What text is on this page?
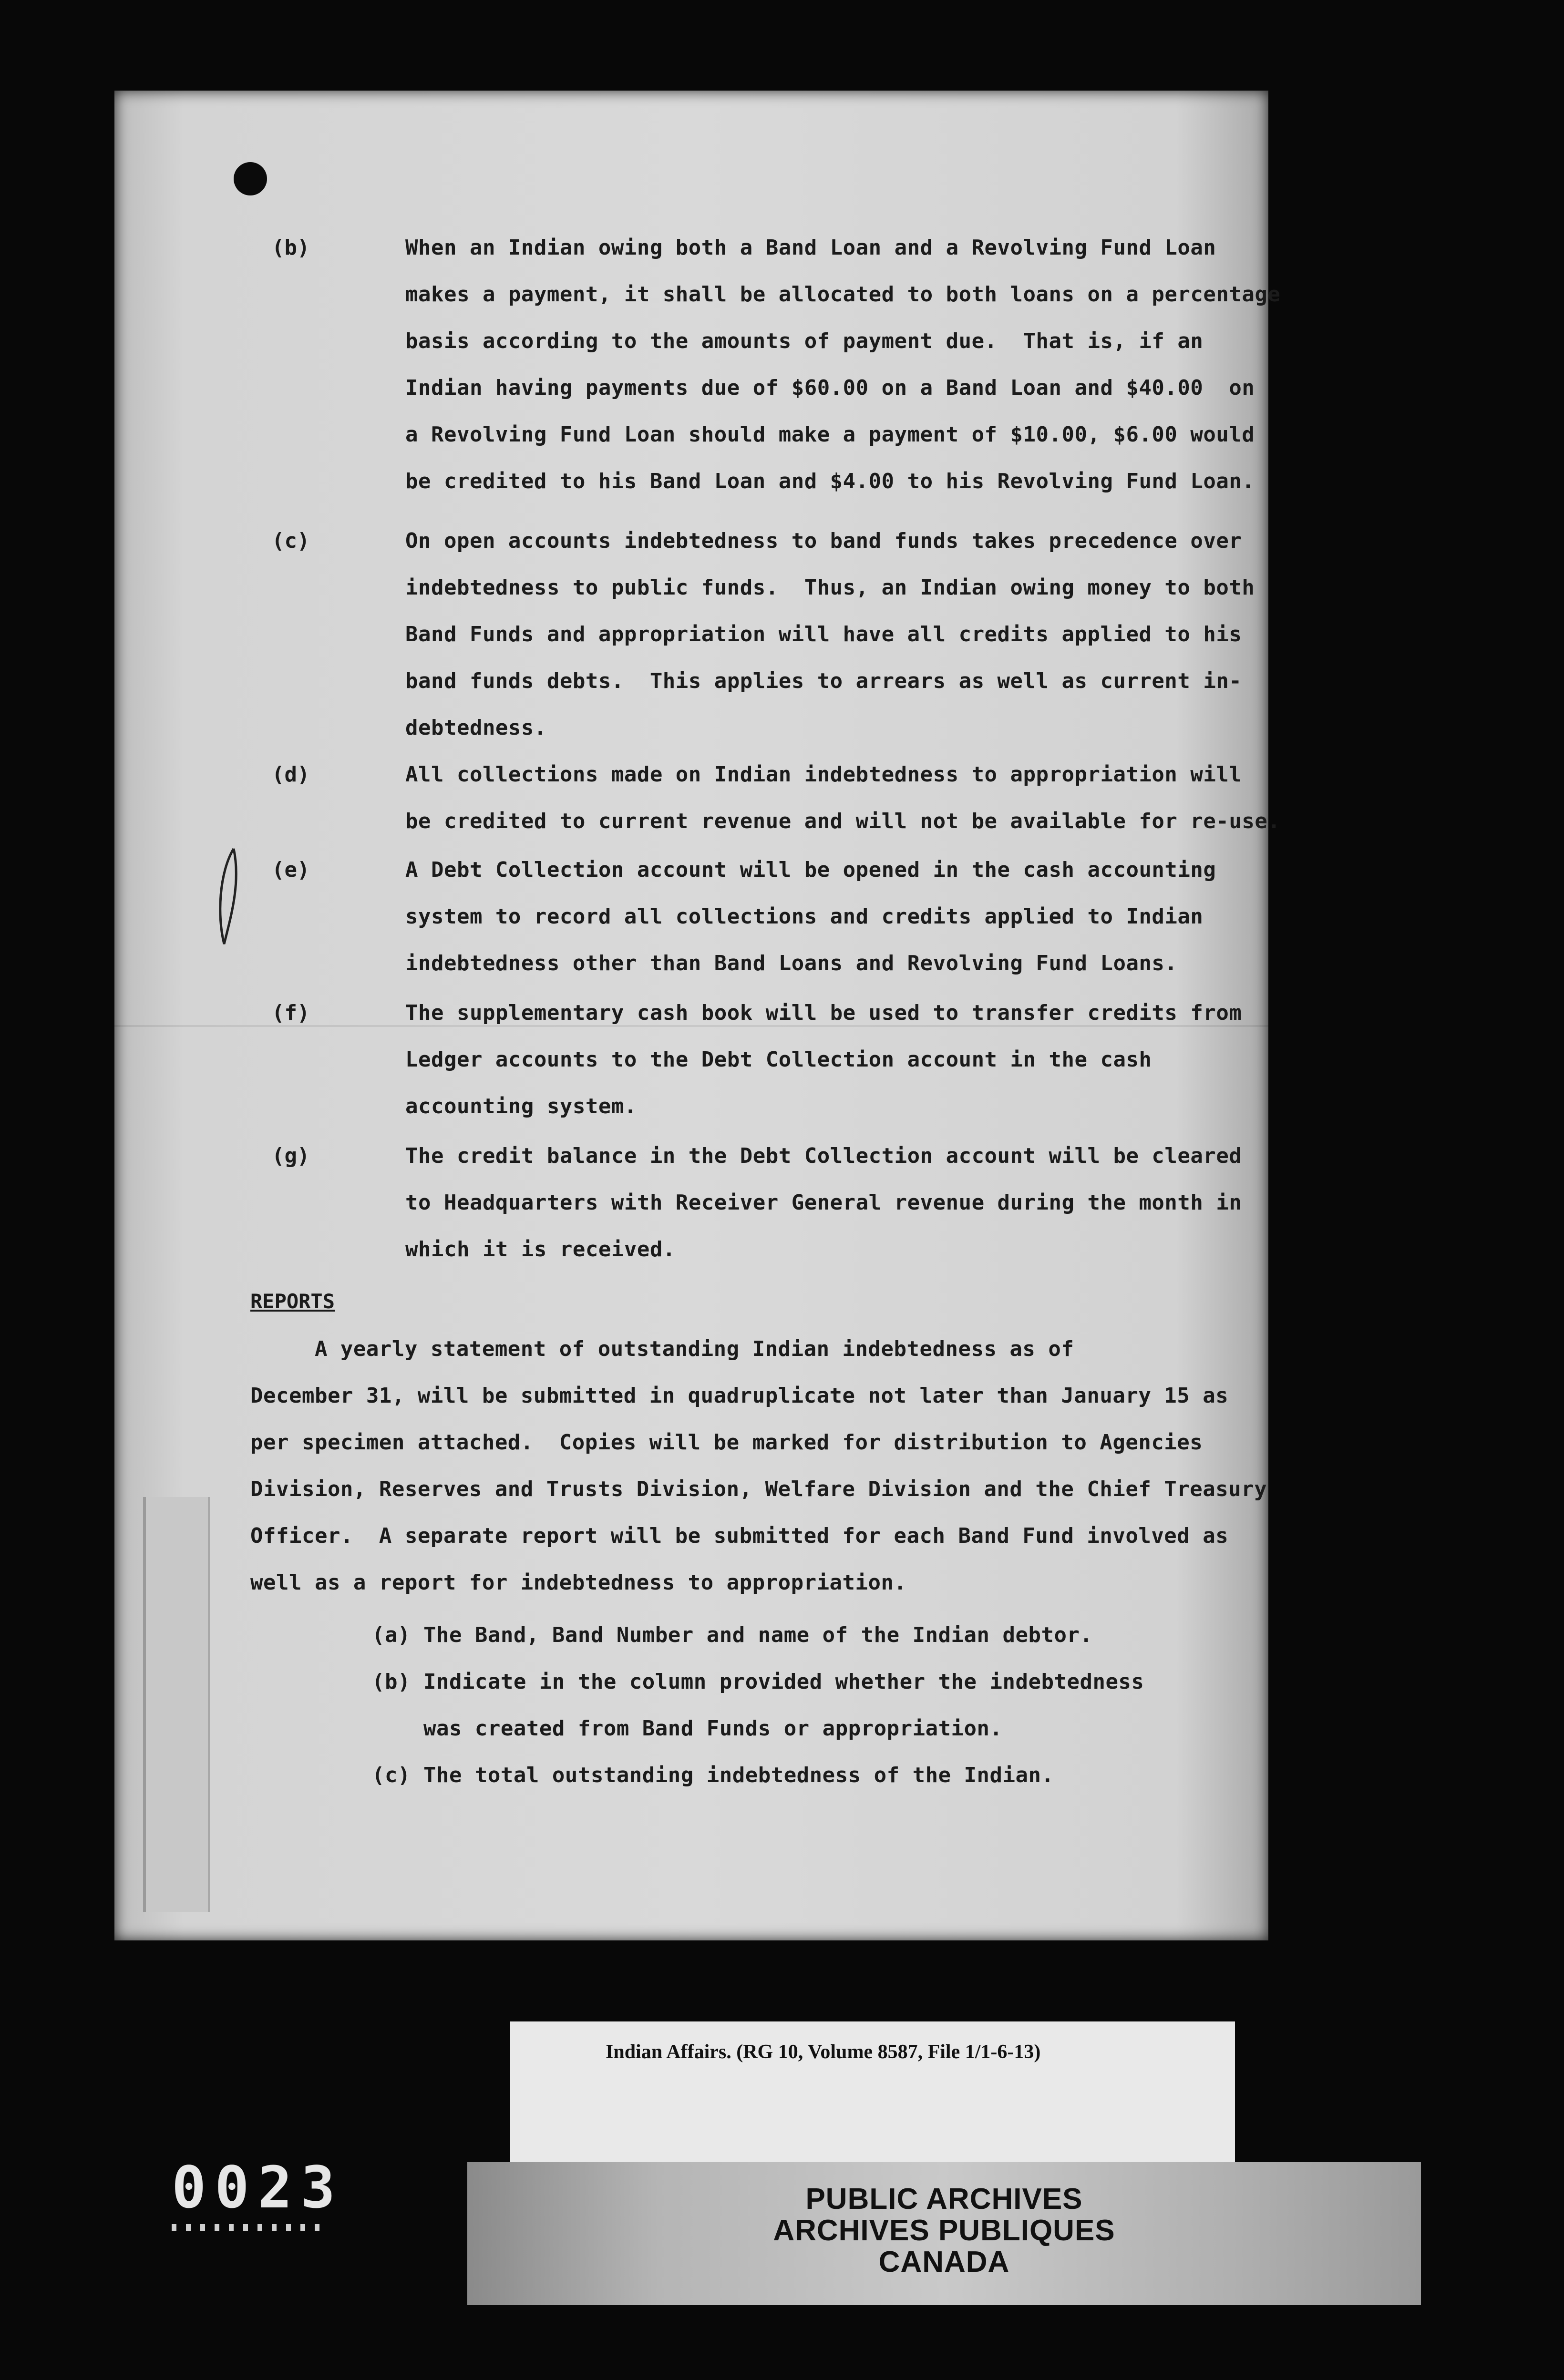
(b)	When an Indian owing both a Band Loan and a Revolving Fund Loan
makes a payment, it shall be allocated to both loans on a percentage
basis according to the amounts of payment due.  That is, if an
Indian having payments due of $60.00 on a Band Loan and $40.00  on
a Revolving Fund Loan should make a payment of $10.00, $6.00 would
be credited to his Band Loan and $4.00 to his Revolving Fund Loan.
(c)	On open accounts indebtedness to band funds takes precedence over
indebtedness to public funds.  Thus, an Indian owing money to both
Band Funds and appropriation will have all credits applied to his
band funds debts.  This applies to arrears as well as current in-
debtedness.
(d)	All collections made on Indian indebtedness to appropriation will
be credited to current revenue and will not be available for re-use.
(e)	A Debt Collection account will be opened in the cash accounting
system to record all collections and credits applied to Indian
indebtedness other than Band Loans and Revolving Fund Loans.
(f)	The supplementary cash book will be used to transfer credits from
Ledger accounts to the Debt Collection account in the cash
accounting system.
(g)	The credit balance in the Debt Collection account will be cleared
to Headquarters with Receiver General revenue during the month in
which it is received.
REPORTS
A yearly statement of outstanding Indian indebtedness as of
December 31, will be submitted in quadruplicate not later than January 15 as
per specimen attached.  Copies will be marked for distribution to Agencies
Division, Reserves and Trusts Division, Welfare Division and the Chief Treasury
Officer.  A separate report will be submitted for each Band Fund involved as
well as a report for indebtedness to appropriation.
(a) The Band, Band Number and name of the Indian debtor.
(b) Indicate in the column provided whether the indebtedness
was created from Band Funds or appropriation.
(c) The total outstanding indebtedness of the Indian.
Indian Affairs. (RG 10, Volume 8587, File 1/1-6-13)
PUBLIC ARCHIVES
ARCHIVES PUBLIQUES
CANADA
0023
